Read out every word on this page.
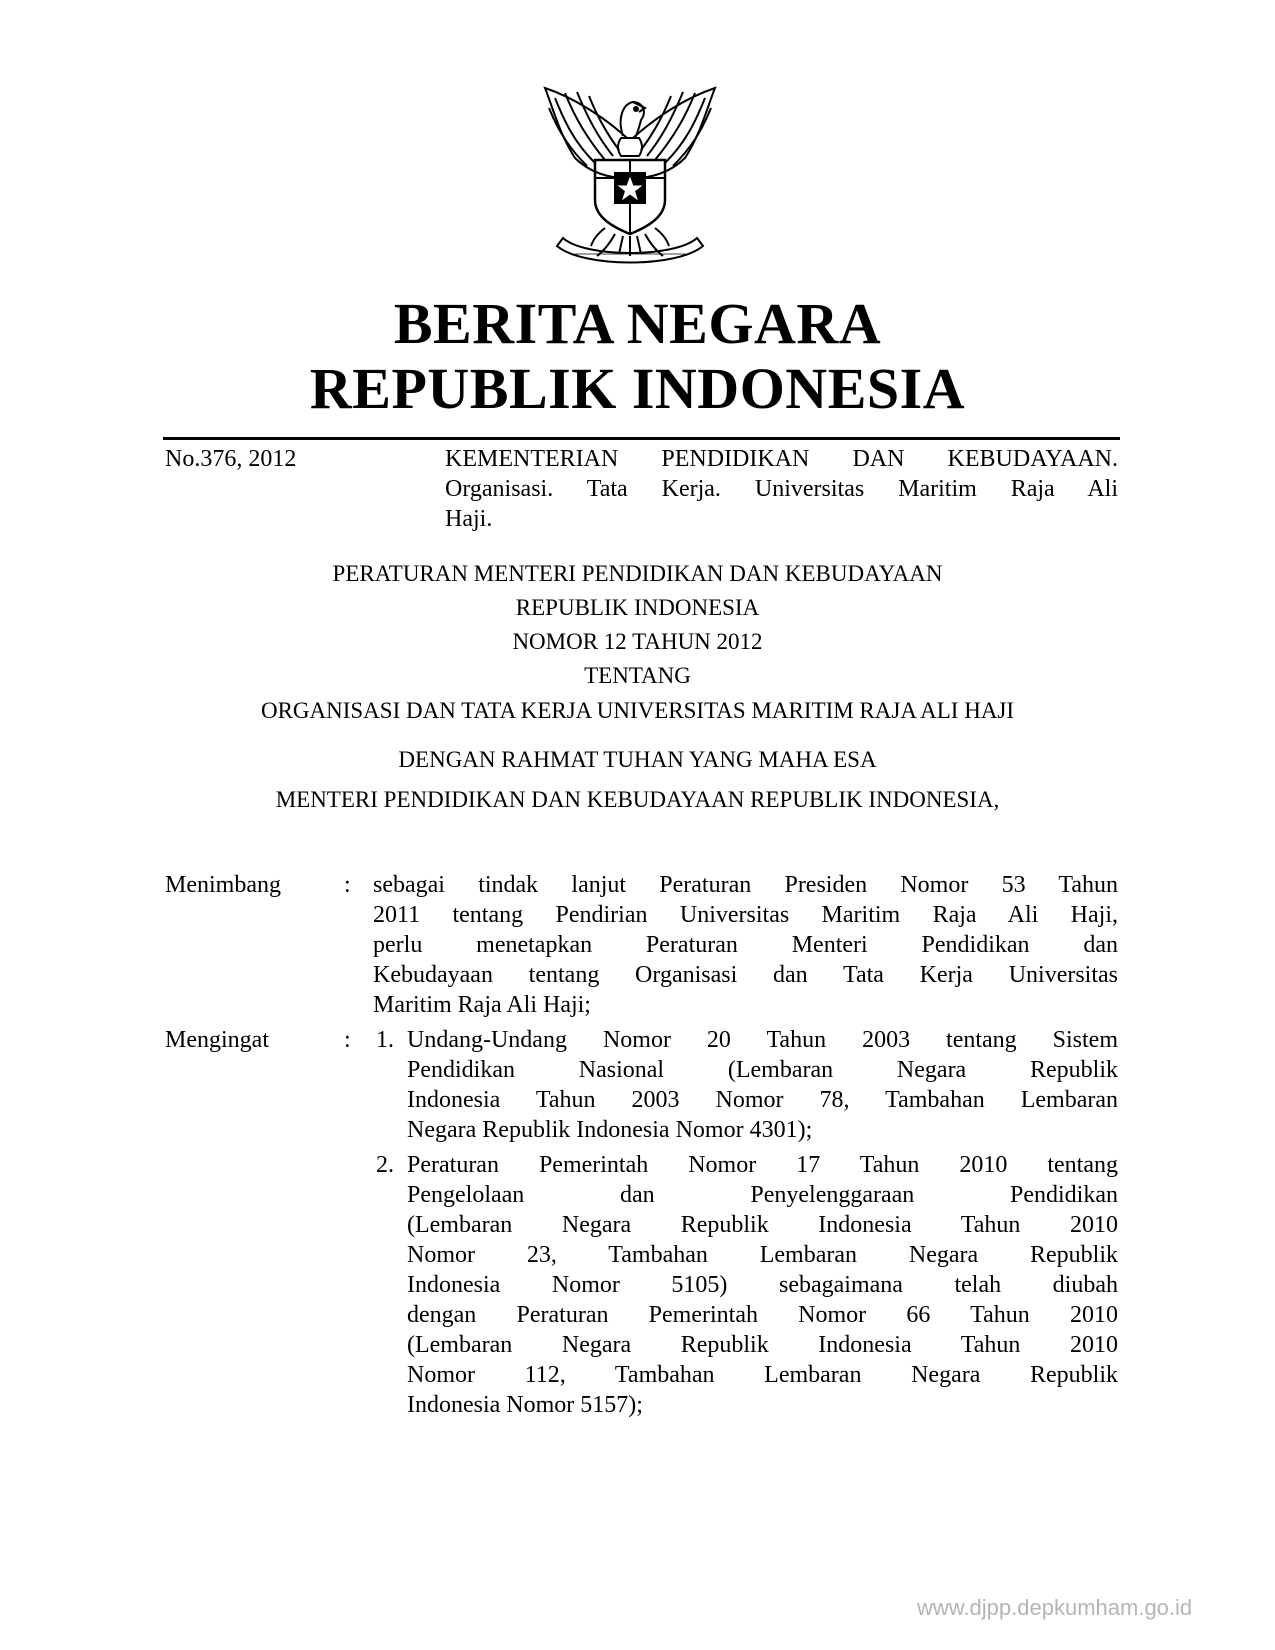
BERITA NEGARA
REPUBLIK INDONESIA
No.376, 2012	KEMENTERIAN PENDIDIKAN DAN KEBUDAYAAN.
Organisasi. Tata Kerja. Universitas Maritim Raja Ali
Haji.
PERATURAN MENTERI PENDIDIKAN DAN KEBUDAYAAN
REPUBLIK INDONESIA
NOMOR 12 TAHUN 2012
TENTANG
ORGANISASI DAN TATA KERJA UNIVERSITAS MARITIM RAJA ALI HAJI
DENGAN RAHMAT TUHAN YANG MAHA ESA
MENTERI PENDIDIKAN DAN KEBUDAYAAN REPUBLIK INDONESIA,
Menimbang	: sebagai tindak lanjut Peraturan Presiden Nomor 53 Tahun
2011 tentang Pendirian Universitas Maritim Raja Ali Haji,
perlu menetapkan Peraturan Menteri Pendidikan dan
Kebudayaan tentang Organisasi dan Tata Kerja Universitas
Maritim Raja Ali Haji;
Mengingat	: 1. Undang-Undang Nomor 20 Tahun 2003 tentang Sistem
Pendidikan Nasional (Lembaran Negara Republik
Indonesia Tahun 2003 Nomor 78, Tambahan Lembaran
Negara Republik Indonesia Nomor 4301);
2. Peraturan Pemerintah Nomor 17 Tahun 2010 tentang
Pengelolaan dan Penyelenggaraan Pendidikan
(Lembaran Negara Republik Indonesia Tahun 2010
Nomor 23, Tambahan Lembaran Negara Republik
Indonesia Nomor 5105) sebagaimana telah diubah
dengan Peraturan Pemerintah Nomor 66 Tahun 2010
(Lembaran Negara Republik Indonesia Tahun 2010
Nomor 112, Tambahan Lembaran Negara Republik
Indonesia Nomor 5157);
www.djpp.depkumham.go.id
